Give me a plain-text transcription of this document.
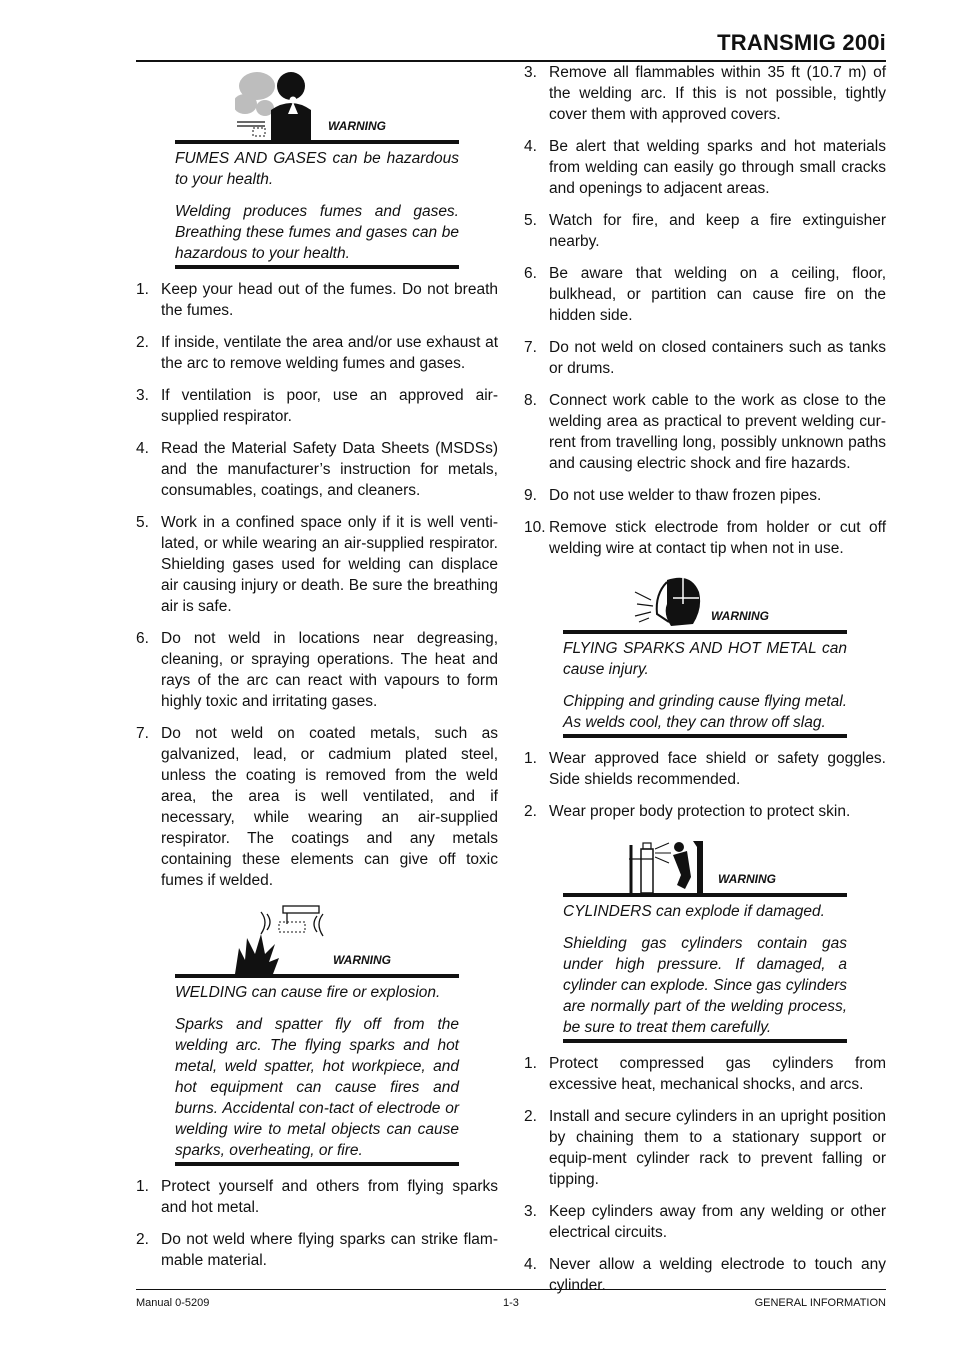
TRANSMIG 200i
WARNING

FUMES AND GASES can be hazardous to your health.

Welding produces fumes and gases. Breathing these fumes and gases can be hazardous to your health.

1. Keep your head out of the fumes. Do not breath the fumes.
2. If inside, ventilate the area and/or use exhaust at the arc to remove welding fumes and gases.
3. If ventilation is poor, use an approved air-supplied respirator.
4. Read the Material Safety Data Sheets (MSDSs) and the manufacturer’s instruction for metals, consumables, coatings, and cleaners.
5. Work in a confined space only if it is well venti-lated, or while wearing an air-supplied respirator. Shielding gases used for welding can displace air causing injury or death. Be sure the breathing air is safe.
6. Do not weld in locations near degreasing, cleaning, or spraying operations. The heat and rays of the arc can react with vapours to form highly toxic and irritating gases.
7. Do not weld on coated metals, such as galvanized, lead, or cadmium plated steel, unless the coating is removed from the weld area, the area is well ventilated, and if necessary, while wearing an air-supplied respirator. The coatings and any metals containing these elements can give off toxic fumes if welded.
WARNING

WELDING can cause fire or explosion.

Sparks and spatter fly off from the welding arc. The flying sparks and hot metal, weld spatter, hot workpiece, and hot equipment can cause fires and burns. Accidental con-tact of electrode or welding wire to metal objects can cause sparks, overheating, or fire.

1. Protect yourself and others from flying sparks and hot metal.
2. Do not weld where flying sparks can strike flam-mable material.
3. Remove all flammables within 35 ft (10.7 m) of the welding arc. If this is not possible, tightly cover them with approved covers.
4. Be alert that welding sparks and hot materials from welding can easily go through small cracks and openings to adjacent areas.
5. Watch for fire, and keep a fire extinguisher nearby.
6. Be aware that welding on a ceiling, floor, bulkhead, or partition can cause fire on the hidden side.
7. Do not weld on closed containers such as tanks or drums.
8. Connect work cable to the work as close to the welding area as practical to prevent welding cur-rent from travelling long, possibly unknown paths and causing electric shock and fire hazards.
9. Do not use welder to thaw frozen pipes.
10. Remove stick electrode from holder or cut off welding wire at contact tip when not in use.
WARNING

FLYING SPARKS AND HOT METAL can cause injury.

Chipping and grinding cause flying metal. As welds cool, they can throw off slag.

1. Wear approved face shield or safety goggles. Side shields recommended.
2. Wear proper body protection to protect skin.
WARNING

CYLINDERS can explode if damaged.

Shielding gas cylinders contain gas under high pressure. If damaged, a cylinder can explode. Since gas cylinders are normally part of the welding process, be sure to treat them carefully.

1. Protect compressed gas cylinders from excessive heat, mechanical shocks, and arcs.
2. Install and secure cylinders in an upright position by chaining them to a stationary support or equip-ment cylinder rack to prevent falling or tipping.
3. Keep cylinders away from any welding or other electrical circuits.
4. Never allow a welding electrode to touch any cylinder.
Manual 0-5209	1-3	GENERAL INFORMATION
